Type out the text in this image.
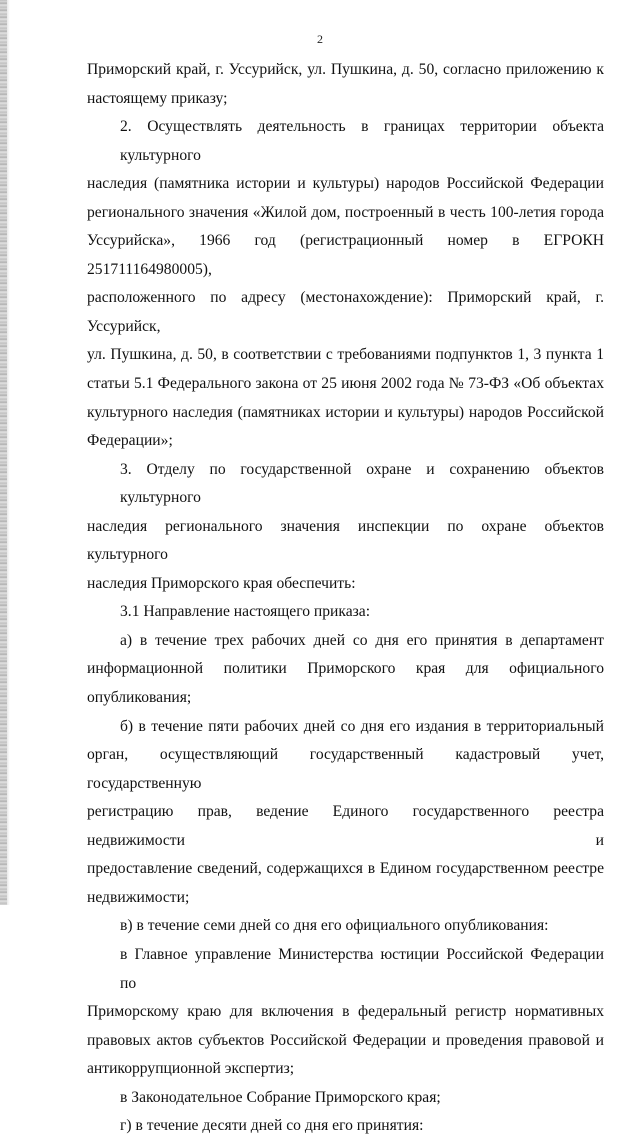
2
Приморский край, г. Уссурийск, ул. Пушкина, д. 50, согласно приложению к
настоящему приказу;
2. Осуществлять деятельность в границах территории объекта культурного
наследия (памятника истории и культуры) народов Российской Федерации
регионального значения «Жилой дом, построенный в честь 100-летия города
Уссурийска», 1966 год (регистрационный номер в ЕГРОКН 251711164980005),
расположенного по адресу (местонахождение): Приморский край, г. Уссурийск,
ул. Пушкина, д. 50, в соответствии с требованиями подпунктов 1, 3 пункта 1
статьи 5.1 Федерального закона от 25 июня 2002 года № 73-ФЗ «Об объектах
культурного наследия (памятниках истории и культуры) народов Российской
Федерации»;
3. Отделу по государственной охране и сохранению объектов культурного
наследия регионального значения инспекции по охране объектов культурного
наследия Приморского края обеспечить:
3.1 Направление настоящего приказа:
а) в течение трех рабочих дней со дня его принятия в департамент
информационной политики Приморского края для официального
опубликования;
б) в течение пяти рабочих дней со дня его издания в территориальный
орган, осуществляющий государственный кадастровый учет, государственную
регистрацию прав, ведение Единого государственного реестра недвижимости и
предоставление сведений, содержащихся в Едином государственном реестре
недвижимости;
в) в течение семи дней со дня его официального опубликования:
в Главное управление Министерства юстиции Российской Федерации по
Приморскому краю для включения в федеральный регистр нормативных
правовых актов субъектов Российской Федерации и проведения правовой и
антикоррупционной экспертиз;
в Законодательное Собрание Приморского края;
г) в течение десяти дней со дня его принятия:
